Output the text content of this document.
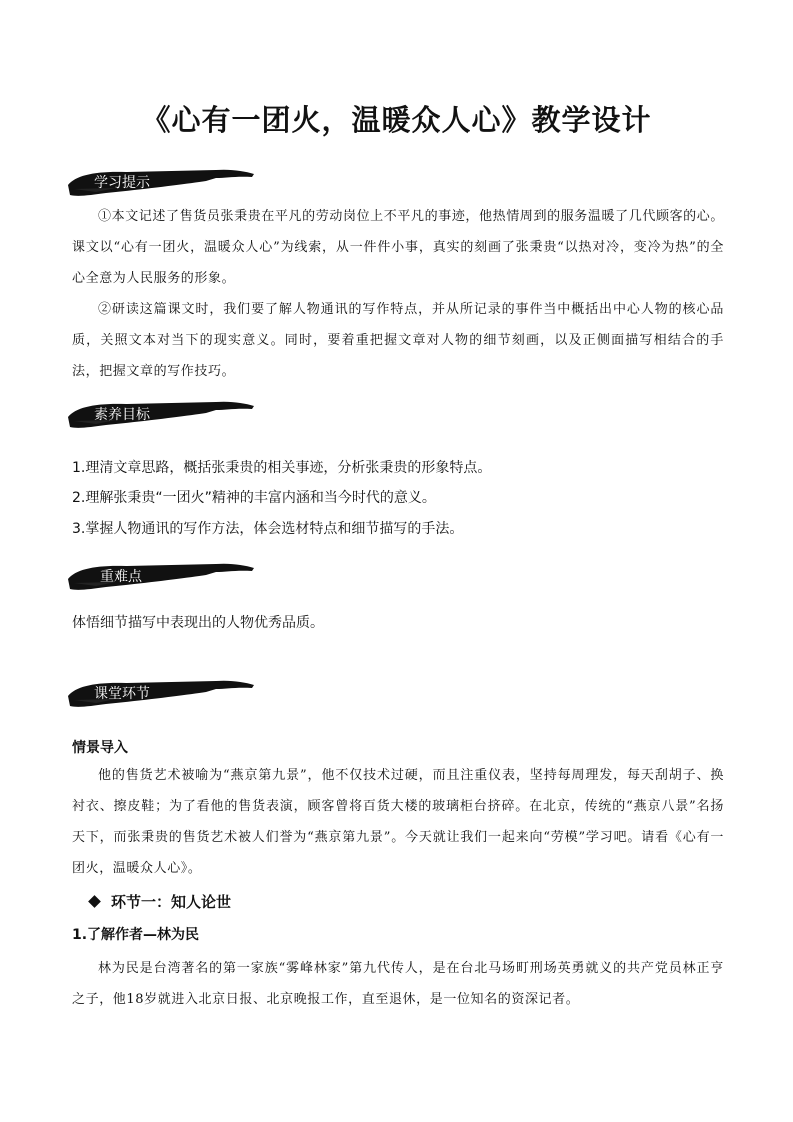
《心有一团火，温暖众人心》教学设计
学习提示
①本文记述了售货员张秉贵在平凡的劳动岗位上不平凡的事迹，他热情周到的服务温暖了几代顾客的心。课文以“心有一团火，温暖众人心”为线索，从一件件小事，真实的刻画了张秉贵“以热对冷，变冷为热”的全心全意为人民服务的形象。
②研读这篇课文时，我们要了解人物通讯的写作特点，并从所记录的事件当中概括出中心人物的核心品质，关照文本对当下的现实意义。同时，要着重把握文章对人物的细节刻画，以及正侧面描写相结合的手法，把握文章的写作技巧。
素养目标
1.理清文章思路，概括张秉贵的相关事迹，分析张秉贵的形象特点。
2.理解张秉贵“一团火”精神的丰富内涵和当今时代的意义。
3.掌握人物通讯的写作方法，体会选材特点和细节描写的手法。
重难点
体悟细节描写中表现出的人物优秀品质。
课堂环节
情景导入
他的售货艺术被喻为“燕京第九景”，他不仅技术过硬，而且注重仪表，坚持每周理发，每天刮胡子、换衬衣、擦皮鞋；为了看他的售货表演，顾客曾将百货大楼的玻璃柜台挤碎。在北京，传统的“燕京八景”名扬天下，而张秉贵的售货艺术被人们誉为“燕京第九景”。今天就让我们一起来向“劳模”学习吧。请看《心有一团火，温暖众人心》。
环节一：知人论世
1.了解作者—林为民
林为民是台湾著名的第一家族“雾峰林家”第九代传人，是在台北马场町刑场英勇就义的共产党员林正亨之子，他18岁就进入北京日报、北京晚报工作，直至退休，是一位知名的资深记者。
